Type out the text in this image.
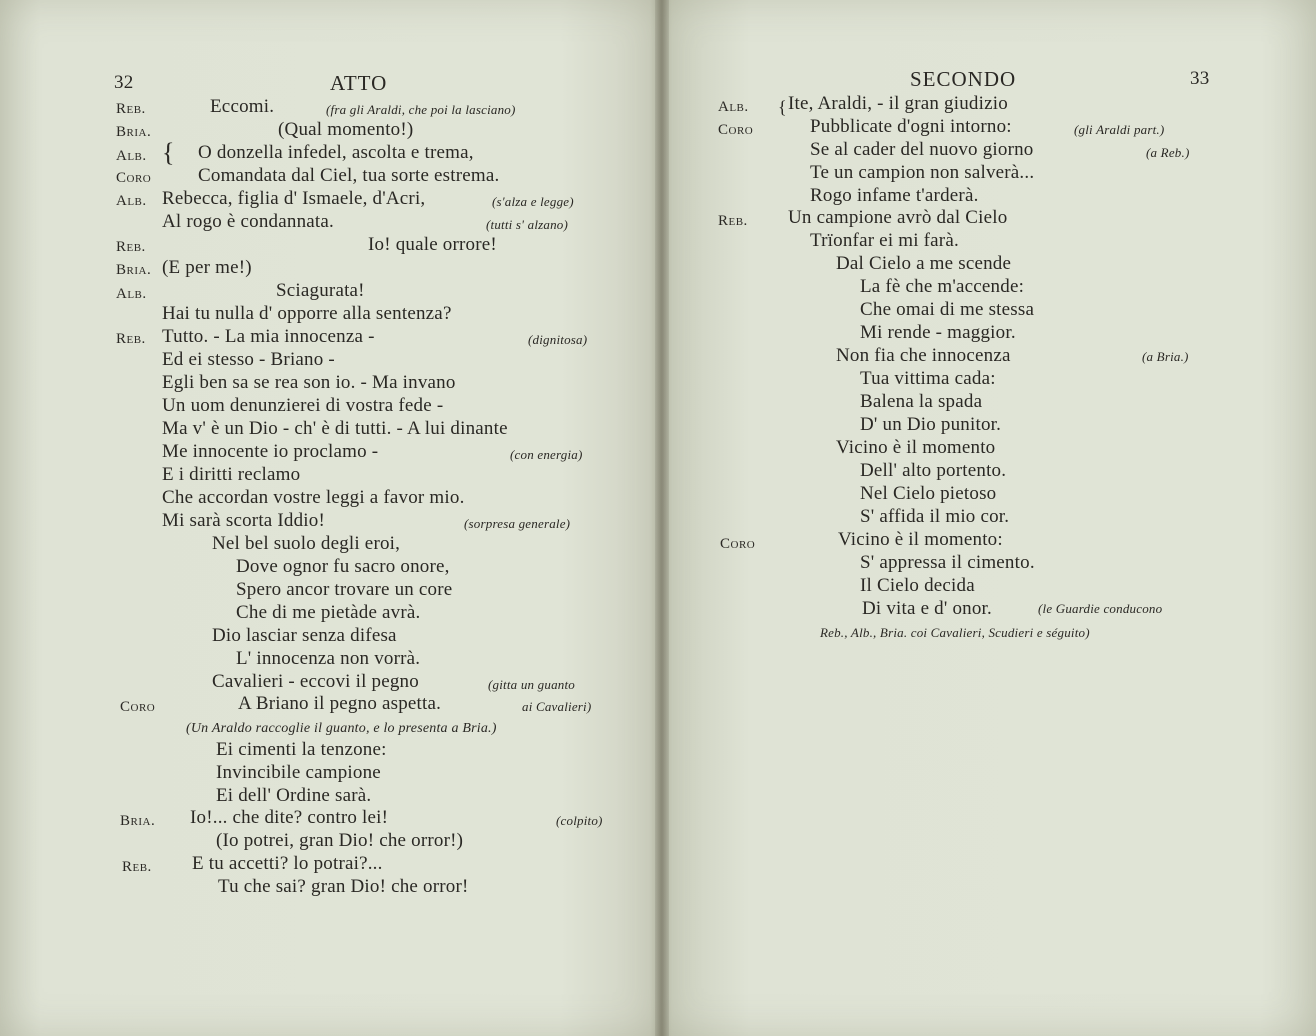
32	ATTO
Reb.	Eccomi.	(fra gli Araldi, che poi la lasciano)
Bria.	(Qual momento!)
Alb. { O donzella infedel, ascolta e trema,
Coro Comandata dal Ciel, tua sorte estrema.
Alb. Rebecca, figlia d' Ismaele, d'Acri,	(s'alza e legge)
Al rogo è condannata.	(tutti s' alzano)
Reb.	Io! quale orrore!
Bria. (E per me!)
Alb.	Sciagurata!
Hai tu nulla d' opporre alla sentenza?
Reb. Tutto. - La mia innocenza -	(dignitosa)
Ed ei stesso - Briano -
Egli ben sa se rea son io. - Ma invano
Un uom denunzierei di vostra fede -
Ma v' è un Dio - ch' è di tutti. - A lui dinante
Me innocente io proclamo -	(con energia)
E i diritti reclamo
Che accordan vostre leggi a favor mio.
Mi sarà scorta Iddio!	(sorpresa generale)
Nel bel suolo degli eroi,
Dove ognor fu sacro onore,
Spero ancor trovare un core
Che di me pietàde avrà.
Dio lasciar senza difesa
L' innocenza non vorrà.
Cavalieri - eccovi il pegno	(gitta un guanto
Coro	A Briano il pegno aspetta.	ai Cavalieri)
(Un Araldo raccoglie il guanto, e lo presenta a Bria.)
Ei cimenti la tenzone:
Invincibile campione
Ei dell' Ordine sarà.
Bria. Io!... che dite? contro lei!	(colpito)
(Io potrei, gran Dio! che orror!)
Reb. E tu accetti? lo potrai?...
Tu che sai? gran Dio! che orror!
SECONDO	33
Alb. { Ite, Araldi, - il gran giudizio
Coro	Pubblicate d'ogni intorno:	(gli Araldi part.)
Se al cader del nuovo giorno	(a Reb.)
Te un campion non salverà...
Rogo infame t'arderà.
Reb. Un campione avrò dal Cielo
Trïonfar ei mi farà.
Dal Cielo a me scende
La fè che m'accende:
Che omai di me stessa
Mi rende - maggior.
Non fia che innocenza	(a Bria.)
Tua vittima cada:
Balena la spada
D' un Dio punitor.
Vicino è il momento
Dell' alto portento.
Nel Cielo pietoso
S' affida il mio cor.
Coro	Vicino è il momento:
S' appressa il cimento.
Il Cielo decida
Di vita e d' onor.	(le Guardie conducono
Reb., Alb., Bria. coi Cavalieri, Scudieri e séguito)
